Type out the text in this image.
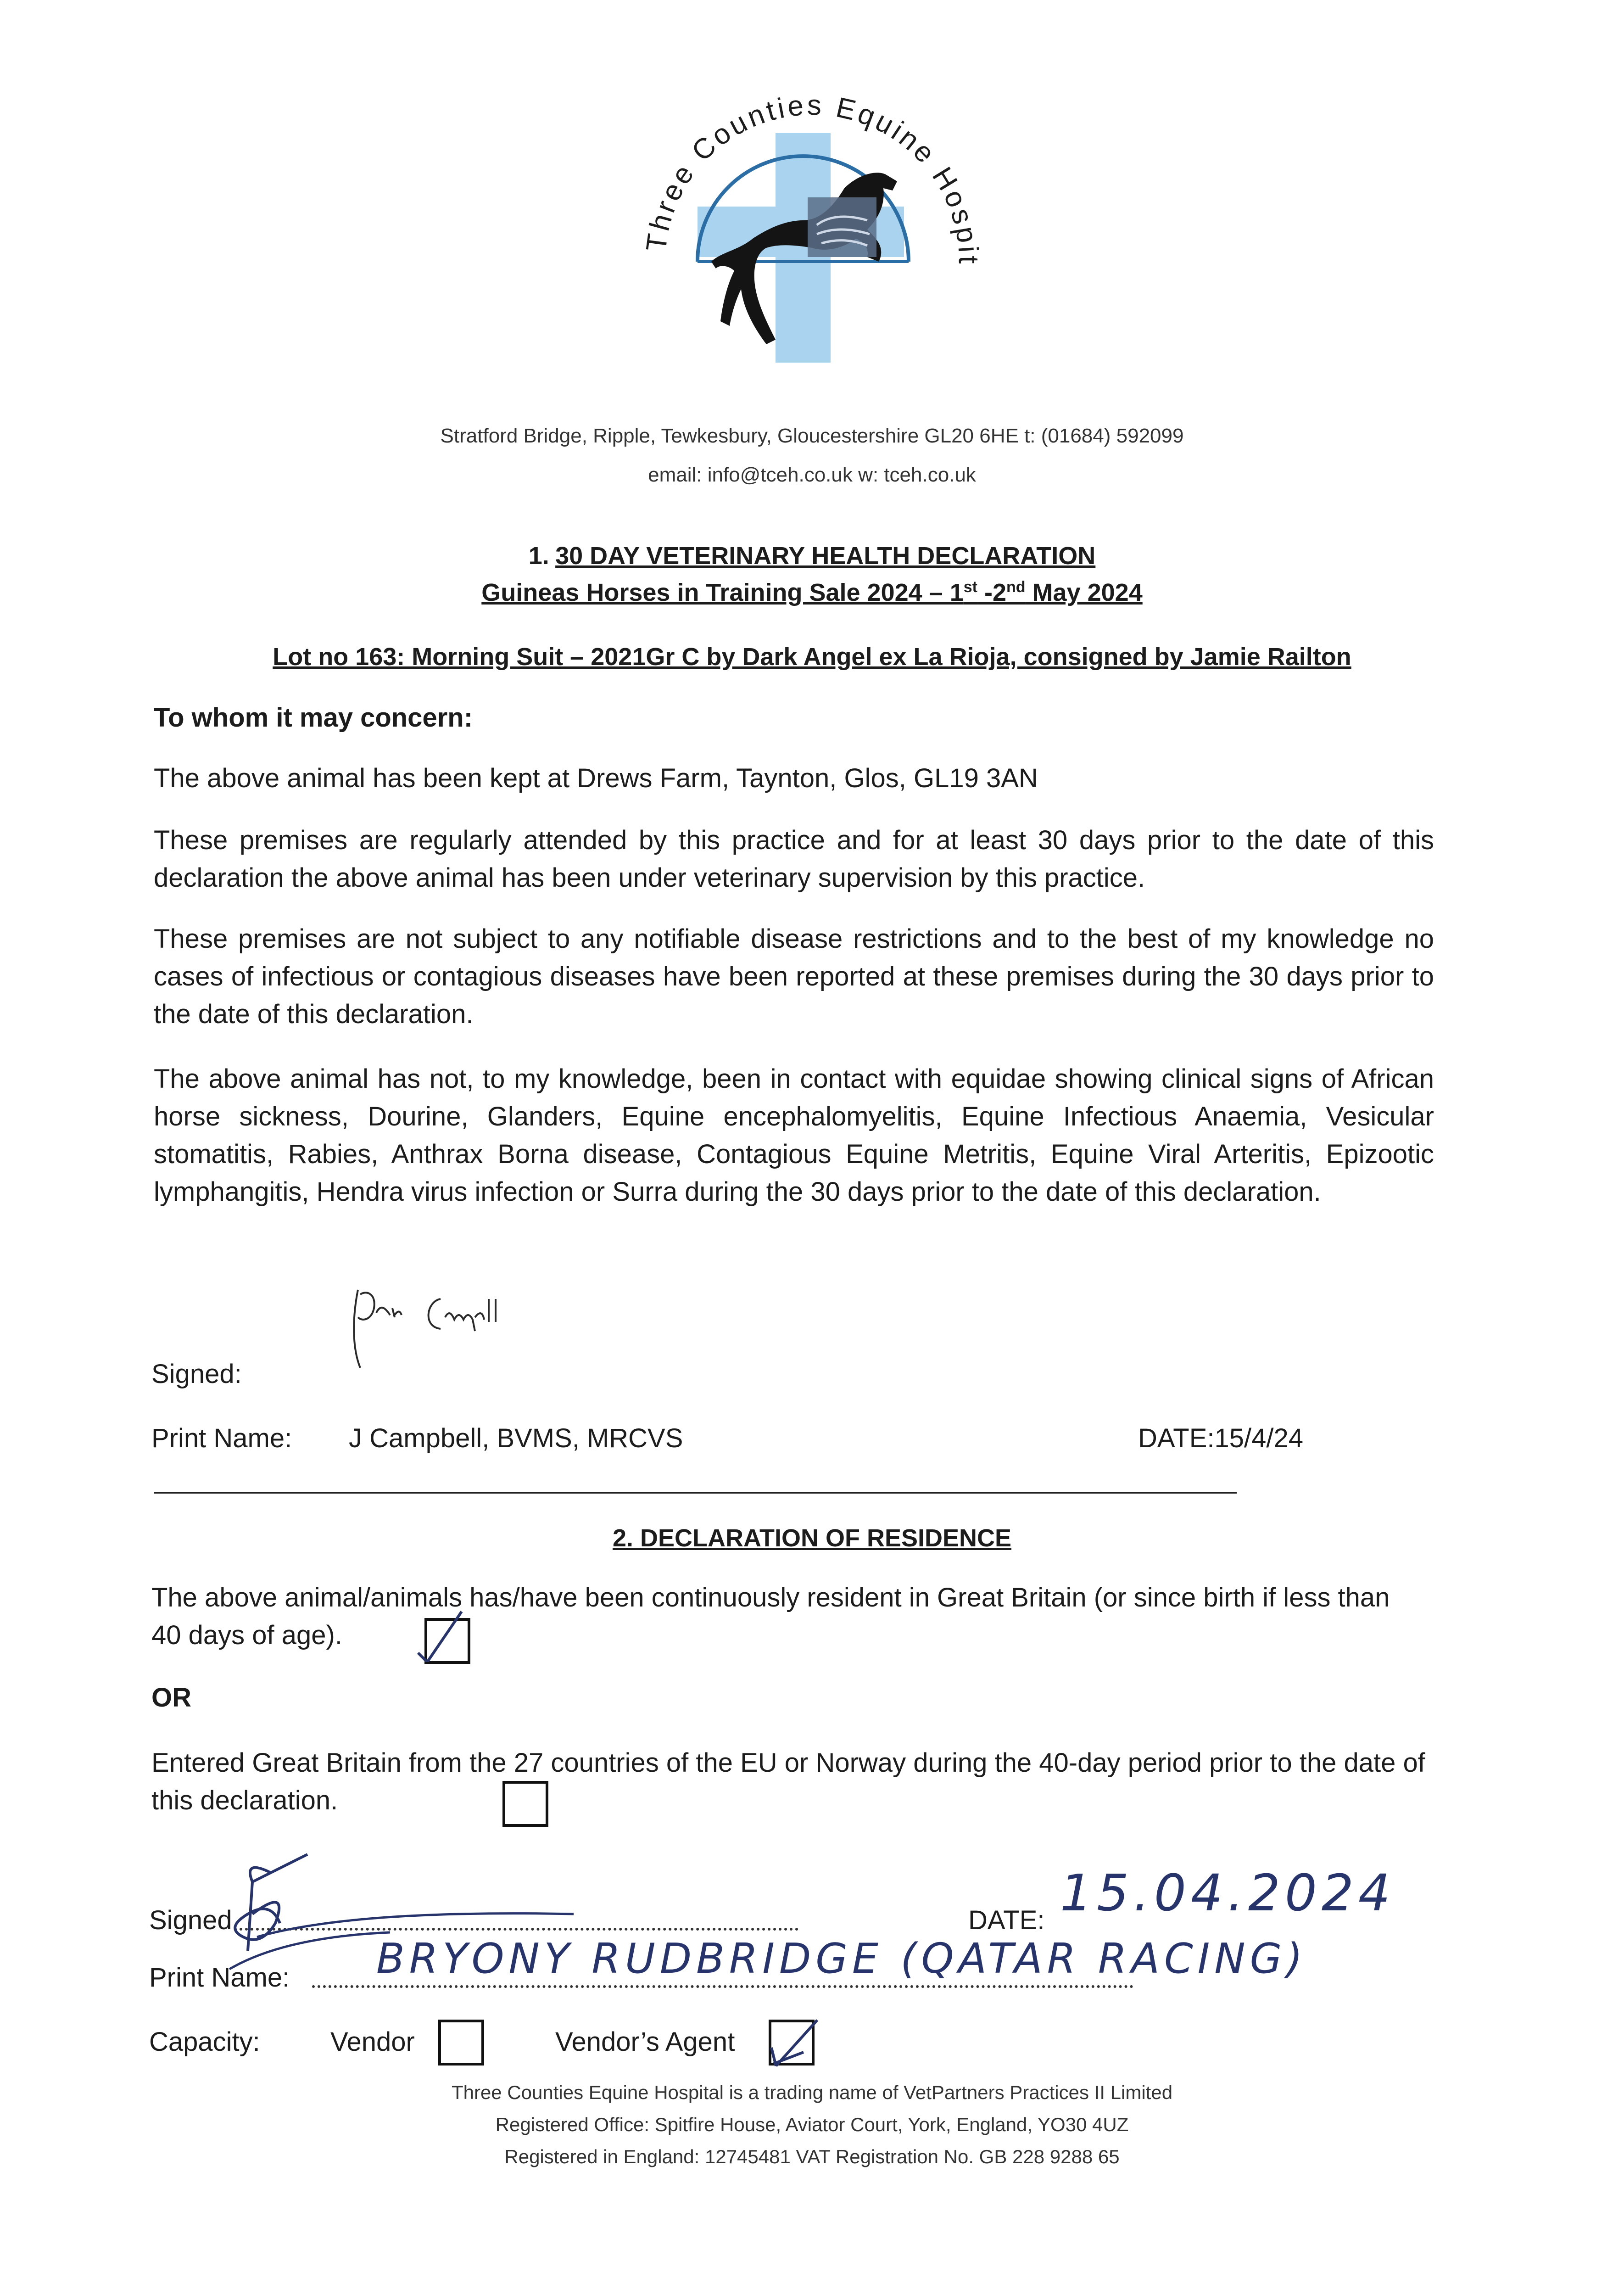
Three Counties Equine Hospit
Stratford Bridge, Ripple, Tewkesbury, Gloucestershire GL20 6HE t: (01684) 592099
email: info@tceh.co.uk w: tceh.co.uk
1. 30 DAY VETERINARY HEALTH DECLARATION
Guineas Horses in Training Sale 2024 – 1st -2nd May 2024
Lot no 163: Morning Suit – 2021Gr C by Dark Angel ex La Rioja, consigned by Jamie Railton
To whom it may concern:
The above animal has been kept at Drews Farm, Taynton, Glos, GL19 3AN
These premises are regularly attended by this practice and for at least 30 days prior to the date of this declaration the above animal has been under veterinary supervision by this practice.
These premises are not subject to any notifiable disease restrictions and to the best of my knowledge no cases of infectious or contagious diseases have been reported at these premises during the 30 days prior to the date of this declaration.
The above animal has not, to my knowledge, been in contact with equidae showing clinical signs of African horse sickness, Dourine, Glanders, Equine encephalomyelitis, Equine Infectious Anaemia, Vesicular stomatitis, Rabies, Anthrax Borna disease, Contagious Equine Metritis, Equine Viral Arteritis, Epizootic lymphangitis, Hendra virus infection or Surra during the 30 days prior to the date of this declaration.
Signed:
Print Name: J Campbell, BVMS, MRCVS	DATE:15/4/24
2. DECLARATION OF RESIDENCE
The above animal/animals has/have been continuously resident in Great Britain (or since birth if less than 40 days of age).
OR
Entered Great Britain from the 27 countries of the EU or Norway during the 40-day period prior to the date of this declaration.
Signed	DATE: 15.04.2024
Print Name: BRYONY RUDBRIDGE (QATAR RACING)
Capacity:	Vendor	Vendor’s Agent
Three Counties Equine Hospital is a trading name of VetPartners Practices II Limited
Registered Office: Spitfire House, Aviator Court, York, England, YO30 4UZ
Registered in England: 12745481 VAT Registration No. GB 228 9288 65
